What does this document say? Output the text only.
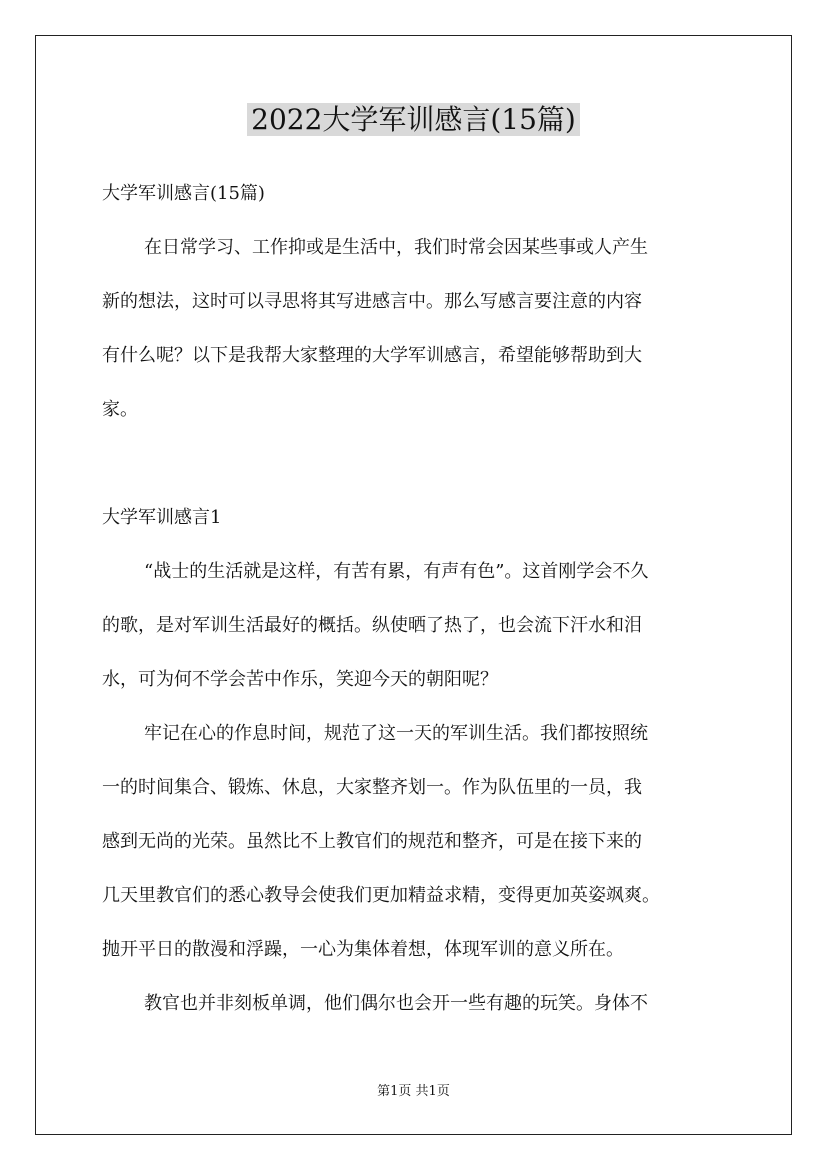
2022大学军训感言(15篇)
大学军训感言(15篇)
在日常学习、工作抑或是生活中，我们时常会因某些事或人产生
新的想法，这时可以寻思将其写进感言中。那么写感言要注意的内容
有什么呢？以下是我帮大家整理的大学军训感言，希望能够帮助到大
家。
大学军训感言1
“战士的生活就是这样，有苦有累，有声有色”。这首刚学会不久
的歌，是对军训生活最好的概括。纵使晒了热了，也会流下汗水和泪
水，可为何不学会苦中作乐，笑迎今天的朝阳呢？
牢记在心的作息时间，规范了这一天的军训生活。我们都按照统
一的时间集合、锻炼、休息，大家整齐划一。作为队伍里的一员，我
感到无尚的光荣。虽然比不上教官们的规范和整齐，可是在接下来的
几天里教官们的悉心教导会使我们更加精益求精，变得更加英姿飒爽。
抛开平日的散漫和浮躁，一心为集体着想，体现军训的意义所在。
教官也并非刻板单调，他们偶尔也会开一些有趣的玩笑。身体不
第1页 共1页
